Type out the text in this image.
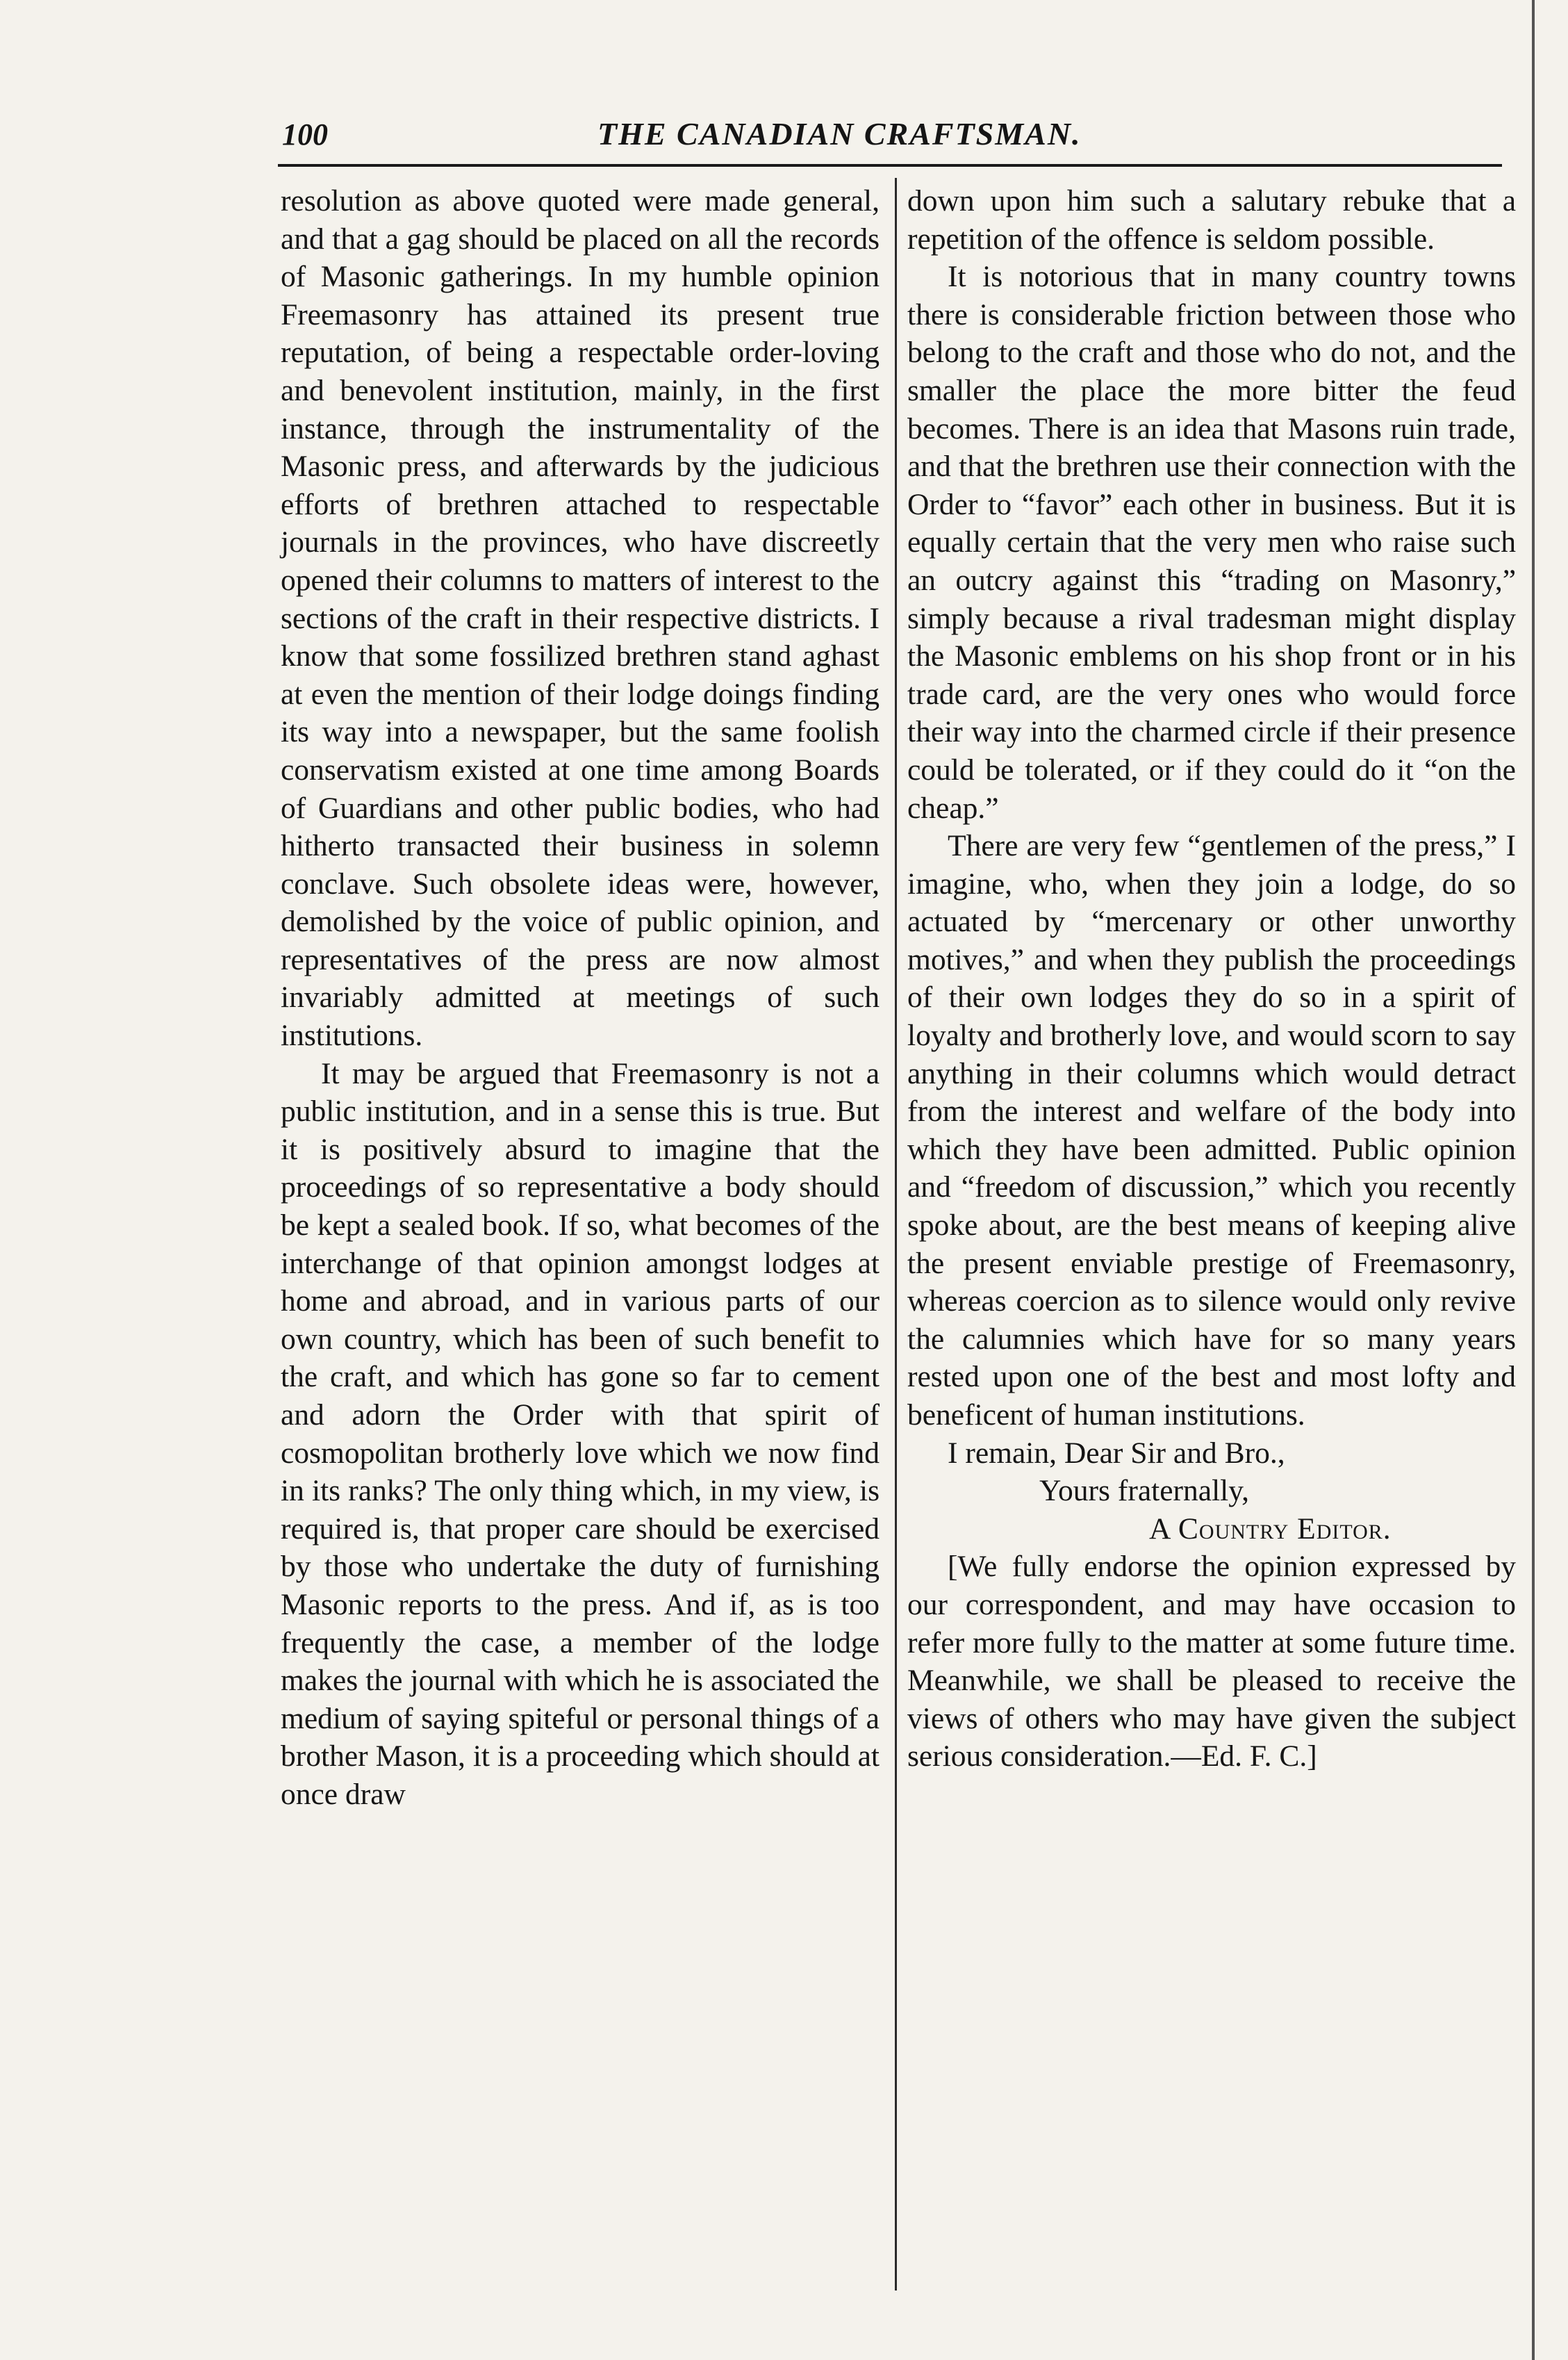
100	THE CANADIAN CRAFTSMAN.

resolution as above quoted were made general, and that a gag should be placed on all the records of Masonic gatherings. In my humble opinion Freemasonry has attained its present true reputation, of being a respectable order-loving and benevolent institution, mainly, in the first instance, through the instrumentality of the Masonic press, and afterwards by the judicious efforts of brethren attached to respectable journals in the provinces, who have discreetly opened their columns to matters of interest to the sections of the craft in their respective districts. I know that some fossilized brethren stand aghast at even the mention of their lodge doings finding its way into a newspaper, but the same foolish conservatism existed at one time among Boards of Guardians and other public bodies, who had hitherto transacted their business in solemn conclave. Such obsolete ideas were, however, demolished by the voice of public opinion, and representatives of the press are now almost invariably admitted at meetings of such institutions.

It may be argued that Freemasonry is not a public institution, and in a sense this is true. But it is positively absurd to imagine that the proceedings of so representative a body should be kept a sealed book. If so, what becomes of the interchange of that opinion amongst lodges at home and abroad, and in various parts of our own country, which has been of such benefit to the craft, and which has gone so far to cement and adorn the Order with that spirit of cosmopolitan brotherly love which we now find in its ranks? The only thing which, in my view, is required is, that proper care should be exercised by those who undertake the duty of furnishing Masonic reports to the press. And if, as is too frequently the case, a member of the lodge makes the journal with which he is associated the medium of saying spiteful or personal things of a brother Mason, it is a proceeding which should at once draw

down upon him such a salutary rebuke that a repetition of the offence is seldom possible.

It is notorious that in many country towns there is considerable friction between those who belong to the craft and those who do not, and the smaller the place the more bitter the feud becomes. There is an idea that Masons ruin trade, and that the brethren use their connection with the Order to “favor” each other in business. But it is equally certain that the very men who raise such an outcry against this “trading on Masonry,” simply because a rival tradesman might display the Masonic emblems on his shop front or in his trade card, are the very ones who would force their way into the charmed circle if their presence could be tolerated, or if they could do it “on the cheap.”

There are very few “gentlemen of the press,” I imagine, who, when they join a lodge, do so actuated by “mercenary or other unworthy motives,” and when they publish the proceedings of their own lodges they do so in a spirit of loyalty and brotherly love, and would scorn to say anything in their columns which would detract from the interest and welfare of the body into which they have been admitted. Public opinion and “freedom of discussion,” which you recently spoke about, are the best means of keeping alive the present enviable prestige of Freemasonry, whereas coercion as to silence would only revive the calumnies which have for so many years rested upon one of the best and most lofty and beneficent of human institutions.

I remain, Dear Sir and Bro.,
Yours fraternally,
A Country Editor.

[We fully endorse the opinion expressed by our correspondent, and may have occasion to refer more fully to the matter at some future time. Meanwhile, we shall be pleased to receive the views of others who may have given the subject serious consideration.—Ed. F. C.]
